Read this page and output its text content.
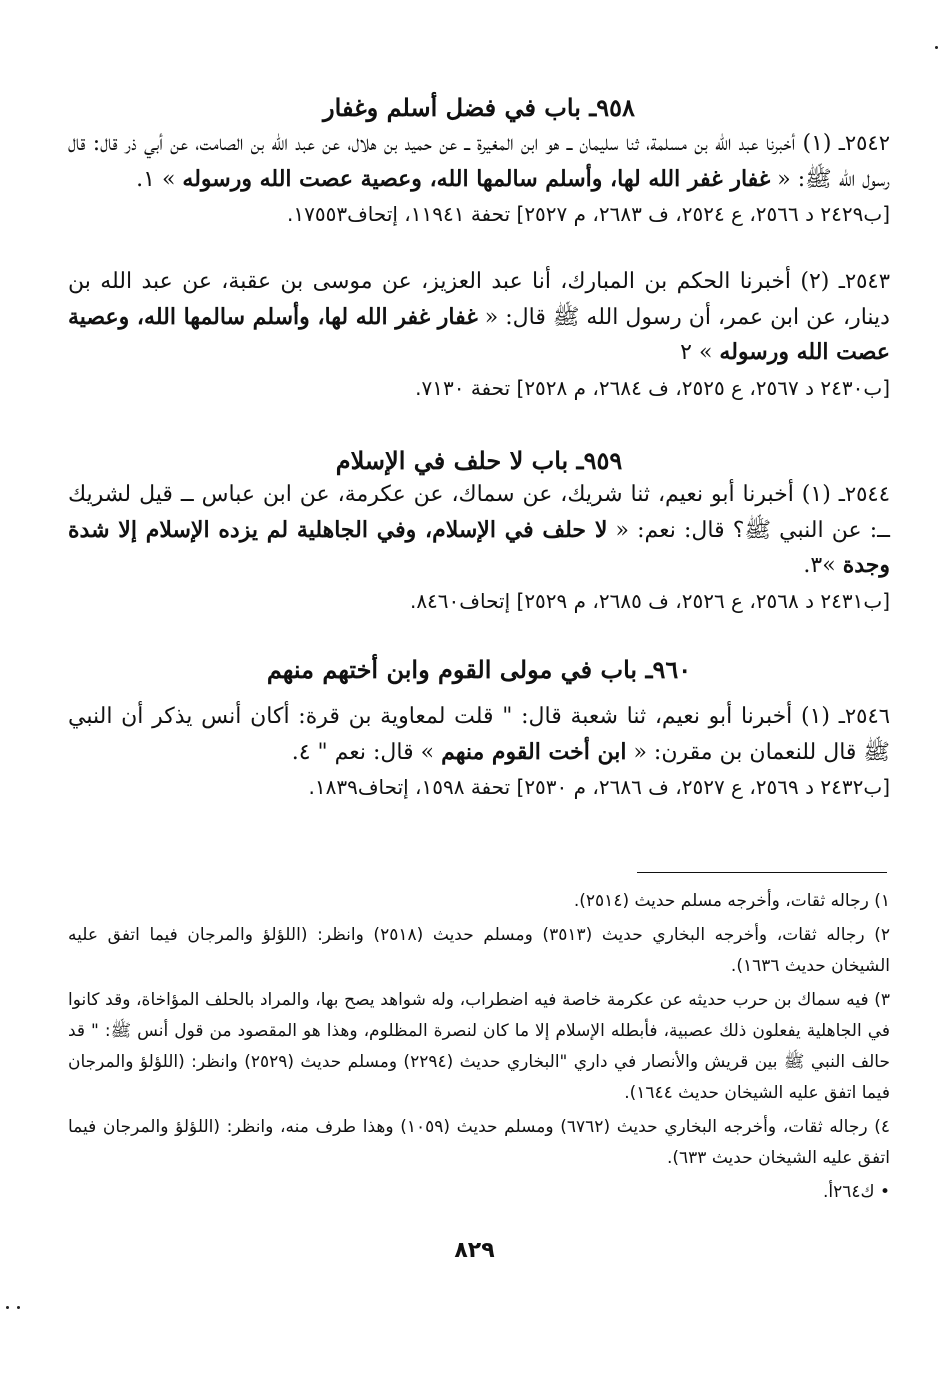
٩٥٨ـ باب في فضل أسلم وغفار

٢٥٤٢ـ (١) أخبرنا عبد الله بن مسلمة، ثنا سليمان ــ هو ابن المغيرة ــ عن حميد بن هلال، عن عبد الله بن الصامت، عن أبي ذر قال: قال رسول الله ﷺ: « غفار غفر الله لها، وأسلم سالمها الله، وعصية عصت الله ورسوله » ١.

[ب٢٤٢٩ د ٢٥٦٦، ع ٢٥٢٤، ف ٢٦٨٣، م ٢٥٢٧] تحفة ١١٩٤١، إتحاف١٧٥٥٣.

٢٥٤٣ـ (٢) أخبرنا الحكم بن المبارك، أنا عبد العزيز، عن موسى بن عقبة، عن عبد الله بن دينار، عن ابن عمر، أن رسول الله ﷺ قال: « غفار غفر الله لها، وأسلم سالمها الله، وعصية عصت الله ورسوله » ٢

[ب٢٤٣٠ د ٢٥٦٧، ع ٢٥٢٥، ف ٢٦٨٤، م ٢٥٢٨] تحفة ٧١٣٠.

٩٥٩ـ باب لا حلف في الإسلام

٢٥٤٤ـ (١) أخبرنا أبو نعيم، ثنا شريك، عن سماك، عن عكرمة، عن ابن عباس ــ قيل لشريك ــ: عن النبي ﷺ؟ قال: نعم: « لا حلف في الإسلام، وفي الجاهلية لم يزده الإسلام إلا شدة وجدة »٣.

[ب٢٤٣١ د ٢٥٦٨، ع ٢٥٢٦، ف ٢٦٨٥، م ٢٥٢٩] إتحاف٨٤٦٠.

٩٦٠ـ باب في مولى القوم وابن أختهم منهم

٢٥٤٦ـ (١) أخبرنا أبو نعيم، ثنا شعبة قال: " قلت لمعاوية بن قرة: أكان أنس يذكر أن النبي ﷺ قال للنعمان بن مقرن: « ابن أخت القوم منهم » قال: نعم " ٤.

[ب٢٤٣٢ د ٢٥٦٩، ع ٢٥٢٧، ف ٢٦٨٦، م ٢٥٣٠] تحفة ١٥٩٨، إتحاف١٨٣٩.

١) رجاله ثقات، وأخرجه مسلم حديث (٢٥١٤).

٢) رجاله ثقات، وأخرجه البخاري حديث (٣٥١٣) ومسلم حديث (٢٥١٨) وانظر: (اللؤلؤ والمرجان فيما اتفق عليه الشيخان حديث ١٦٣٦).

٣) فيه سماك بن حرب حديثه عن عكرمة خاصة فيه اضطراب، وله شواهد يصح بها، والمراد بالحلف المؤاخاة، وقد كانوا في الجاهلية يفعلون ذلك عصبية، فأبطله الإسلام إلا ما كان لنصرة المظلوم، وهذا هو المقصود من قول أنس ﷺ: " قد حالف النبي ﷺ بين قريش والأنصار في داري "البخاري حديث (٢٢٩٤) ومسلم حديث (٢٥٢٩) وانظر: (اللؤلؤ والمرجان فيما اتفق عليه الشيخان حديث ١٦٤٤).

٤) رجاله ثقات، وأخرجه البخاري حديث (٦٧٦٢) ومسلم حديث (١٠٥٩) وهذا طرف منه، وانظر: (اللؤلؤ والمرجان فيما اتفق عليه الشيخان حديث ٦٣٣).

• ك٢٦٤أ.

٨٢٩
